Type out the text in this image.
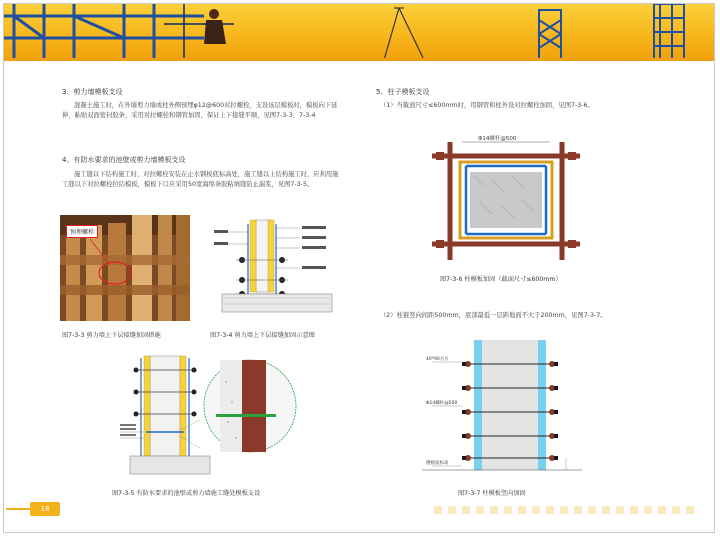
3、剪力墙模板支设
混凝土施工时，在外墙剪力墙或柱外侧预埋φ12@600对拉螺栓，支设该层模板时，模板向下延伸，粘贴双面密封胶条，采用对拉螺栓和钢管加固，保证上下接缝平顺，见图7-3-3、7-3-4
4、有防水要求的池壁或剪力墙模板支设
施工缝以下结构施工时，对拉螺栓安装在止水钢板底标高处，施工缝以上结构施工时，应利用施工缝以下对拉螺栓拉结模板，模板下口应采用50宽海绵条胶粘填缝防止漏浆，见图7-3-5。
预埋螺栓
图7-3-3 剪力墙上下层接缝加固措施	图7-3-4 剪力墙上下层接缝加固示意图
图7-3-5 有防水要求的池壁或剪力墙施工缝处模板支设
5、柱子模板支设
（1）当截面尺寸≤600mm时，用钢管和柱外设对拉螺栓加固，见图7-3-6。
Φ14螺杆@500
图7-3-6 柱模板加固（截面尺寸≤600mm）
（2）柱箍竖向间距500mm，底部最低一层距地面不大于200mm，见图7-3-7。
40*90方方
Φ14螺杆@500
楼板面标高
图7-3-7 柱模板竖向加固
18
